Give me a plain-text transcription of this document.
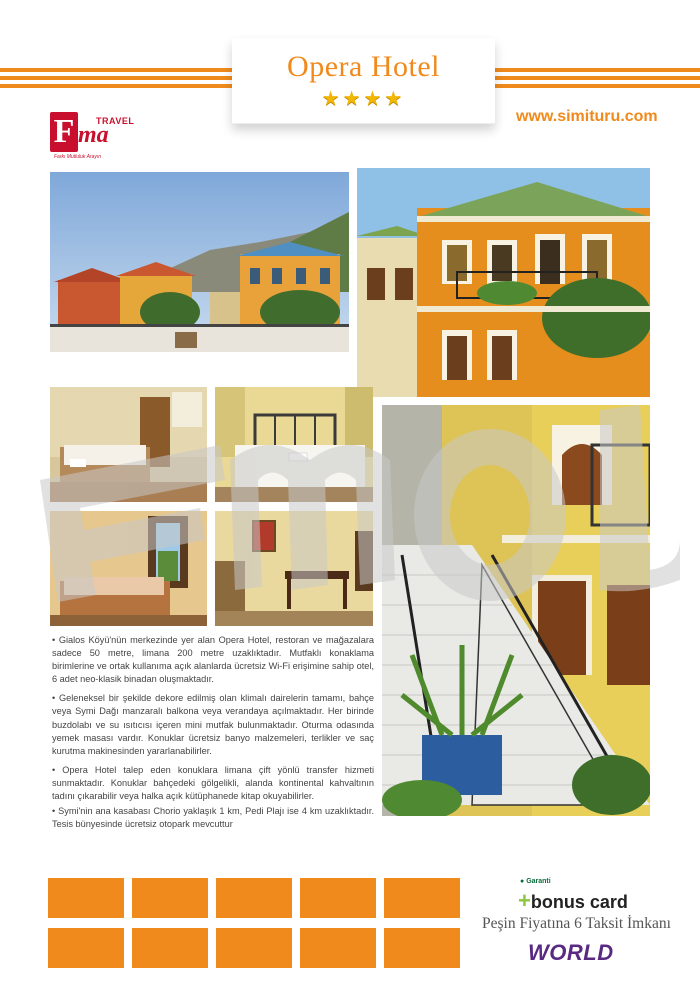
Opera Hotel
★★★★
www.simituru.com
F ma
TRAVEL
Farkı Mutluluk Arayın

• Gialos Köyü'nün merkezinde yer alan Opera Hotel, restoran ve mağazalara sadece 50 metre, limana 200 metre uzaklıktadır. Mutfaklı konaklama birimlerine ve ortak kullanıma açık alanlarda ücretsiz Wi-Fi erişimine sahip otel, 6 adet neo-klasik binadan oluşmaktadır.

• Geleneksel bir şekilde dekore edilmiş olan klimalı dairelerin tamamı, bahçe veya Symi Dağı manzaralı balkona veya verandaya açılmaktadır. Her birinde buzdolabı ve su ısıtıcısı içeren mini mutfak bulunmaktadır. Oturma odasında yemek masası vardır. Konuklar ücretsiz banyo malzemeleri, terlikler ve saç kurutma makinesinden yararlanabilirler.

• Opera Hotel talep eden konuklara limana çift yönlü transfer hizmeti sunmaktadır. Konuklar bahçedeki gölgelikli, alanda kontinental kahvaltının tadını çıkarabilir veya halka açık kütüphanede kitap okuyabilirler.

• Symi'nin ana kasabası Chorio yaklaşık 1 km, Pedi Plajı ise 4 km uzaklıktadır. Tesis bünyesinde ücretsiz otopark mevcuttur

● Garanti
+bonus card
Peşin Fiyatına 6 Taksit İmkanı
WORLD
